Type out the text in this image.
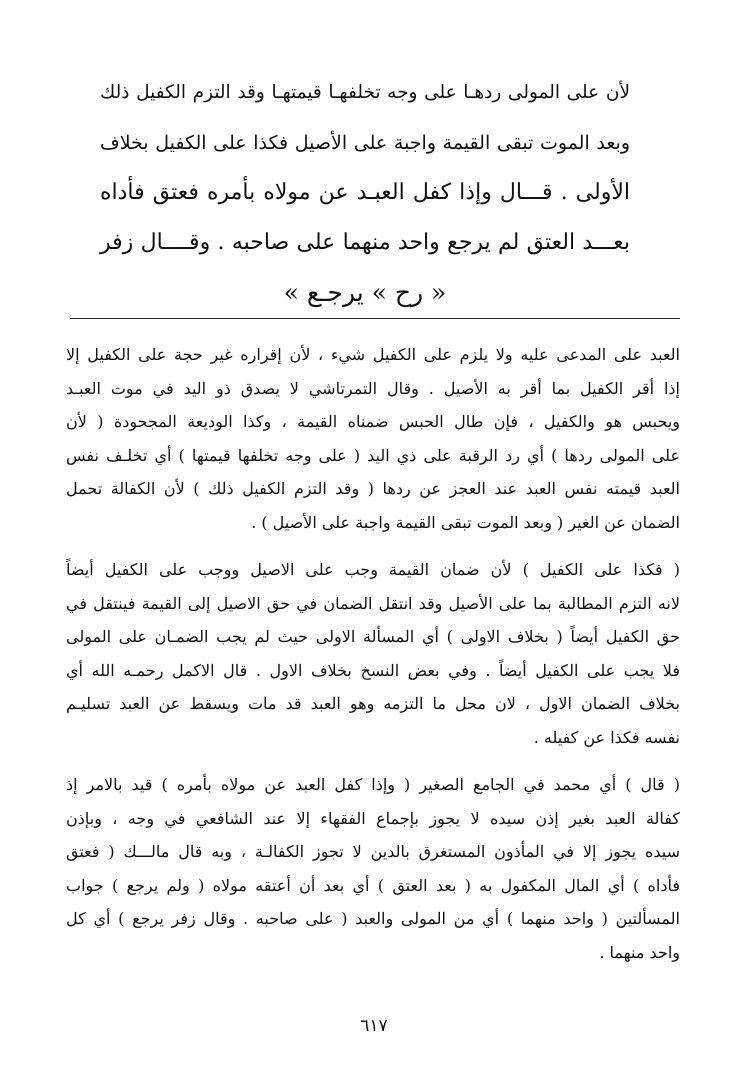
لأن على المولى ردهـا على وجه تخلفهـا قيمتهـا وقد التزم الكفيل ذلك
وبعد الموت تبقى القيمة واجبة على الأصيل فكذا على الكفيل بخلاف
الأولى . قـــال وإذا كفل العبـد عن مولاه بأمره فعتق فأداه
بعـــد العتق لم يرجع واحد منهما على صاحبه . وقــــال زفر
« رح » يرجـع »
العبد على المدعى عليه ولا يلزم على الكفيل شيء ، لأن إقراره غير حجة على الكفيل إلا
إذا أقر الكفيل بما أقر به الأصيل . وقال التمرتاشي لا يصدق ذو اليد في موت العبـد
ويحبس هو والكفيل ، فإن طال الحبس ضمناه القيمة ، وكذا الوديعة المجحودة ( لأن
على المولى ردها ) أي رد الرقبة على ذي اليد ( على وجه تخلفها قيمتها ) أي تخلـف نفس
العبد قيمته نفس العبد عند العجز عن ردها ( وقد التزم الكفيل ذلك ) لأن الكفالة تحمل
الضمان عن الغير ( وبعد الموت تبقى القيمة واجبة على الأصيل ) .
( فكذا على الكفيل ) لأن ضمان القيمة وجب على الاصيل ووجب على الكفيل أيضاً
لانه التزم المطالبة بما على الأصيل وقد انتقل الضمان في حق الاصيل إلى القيمة فينتقل في
حق الكفيل أيضاً ( بخلاف الاولى ) أي المسألة الاولى حيث لم يجب الضمـان على المولى
فلا يجب على الكفيل أيضاً . وفي بعض النسخ بخلاف الاول . قال الاكمل رحمـه الله أي
بخلاف الضمان الاول ، لان محل ما التزمه وهو العبد قد مات ويسقط عن العبد تسليـم
نفسه فكذا عن كفيله .
( قال ) أي محمد في الجامع الصغير ( وإذا كفل العبد عن مولاه بأمره ) قيد بالامر إذ
كفالة العبد بغير إذن سيده لا يجوز بإجماع الفقهاء إلا عند الشافعي في وجه ، وبإذن
سيده يجوز إلا في المأذون المستغرق بالدين لا تجوز الكفالـة ، وبه قال مالـــك ( فعتق
فأداه ) أي المال المكفول به ( بعد العتق ) أي بعد أن أعتقه مولاه ( ولم يرجع ) جواب
المسألتين ( واحد منهما ) أي من المولى والعبد ( على صاحبه . وقال زفر يرجع ) أي كل
واحد منهما .
٦١٧
